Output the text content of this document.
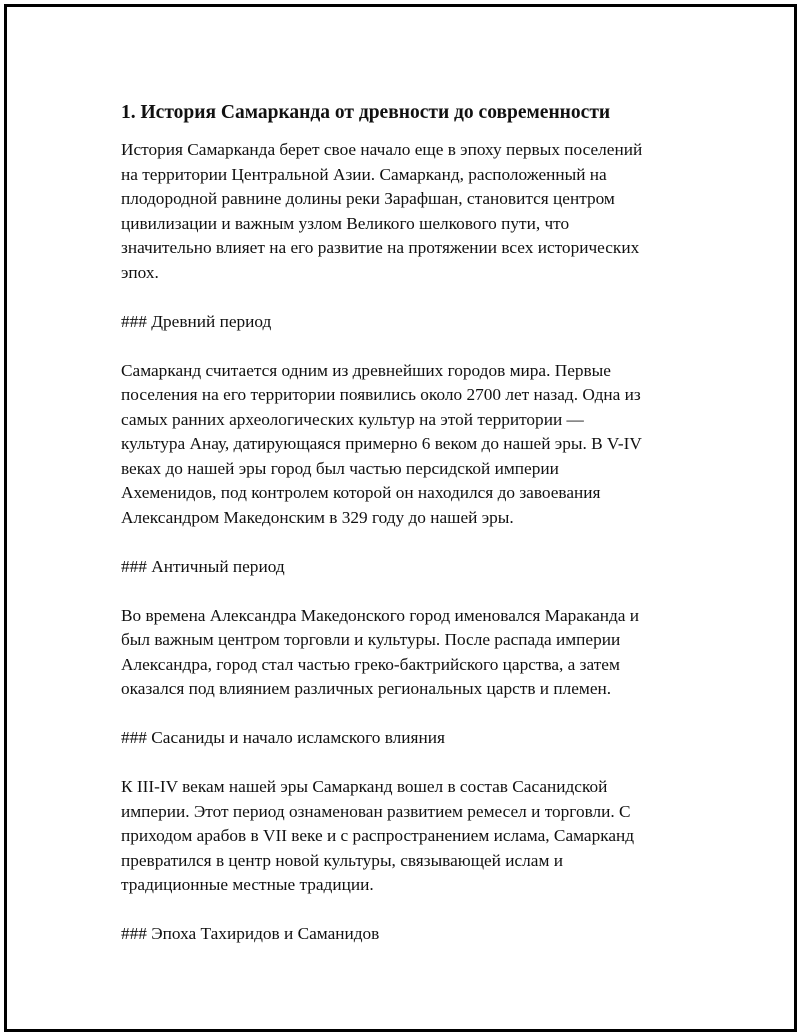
1. История Самарканда от древности до современности

История Самарканда берет свое начало еще в эпоху первых поселений
на территории Центральной Азии. Самарканд, расположенный на
плодородной равнине долины реки Зарафшан, становится центром
цивилизации и важным узлом Великого шелкового пути, что
значительно влияет на его развитие на протяжении всех исторических
эпох.

### Древний период

Самарканд считается одним из древнейших городов мира. Первые
поселения на его территории появились около 2700 лет назад. Одна из
самых ранних археологических культур на этой территории —
культура Анау, датирующаяся примерно 6 веком до нашей эры. В V-IV
веках до нашей эры город был частью персидской империи
Ахеменидов, под контролем которой он находился до завоевания
Александром Македонским в 329 году до нашей эры.

### Античный период

Во времена Александра Македонского город именовался Мараканда и
был важным центром торговли и культуры. После распада империи
Александра, город стал частью греко-бактрийского царства, а затем
оказался под влиянием различных региональных царств и племен.

### Сасаниды и начало исламского влияния

К III-IV векам нашей эры Самарканд вошел в состав Сасанидской
империи. Этот период ознаменован развитием ремесел и торговли. С
приходом арабов в VII веке и с распространением ислама, Самарканд
превратился в центр новой культуры, связывающей ислам и
традиционные местные традиции.

### Эпоха Тахиридов и Саманидов
